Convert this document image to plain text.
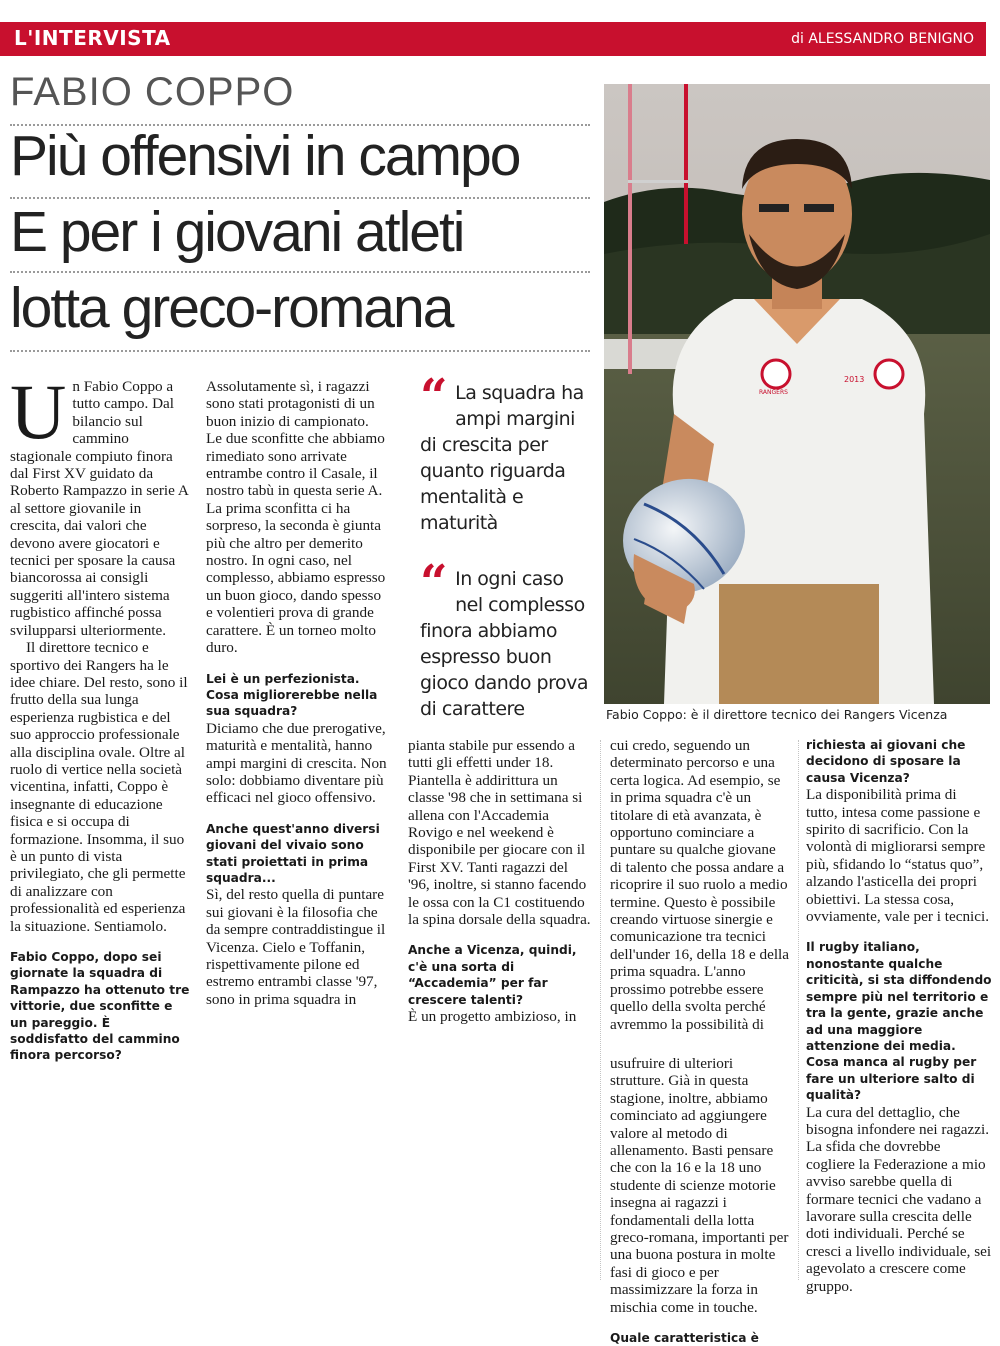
L'INTERVISTA	di ALESSANDRO BENIGNO
FABIO COPPO
Più offensivi in campo
E per i giovani atleti
lotta greco-romana

Un Fabio Coppo a tutto campo. Dal bilancio sul cammino stagionale compiuto finora dal First XV guidato da Roberto Rampazzo in serie A al settore giovanile in crescita, dai valori che devono avere giocatori e tecnici per sposare la causa biancorossa ai consigli suggeriti all'intero sistema rugbistico affinché possa svilupparsi ulteriormente.

Il direttore tecnico e sportivo dei Rangers ha le idee chiare. Del resto, sono il frutto della sua lunga esperienza rugbistica e del suo approccio professionale alla disciplina ovale. Oltre al ruolo di vertice nella società vicentina, infatti, Coppo è insegnante di educazione fisica e si occupa di formazione. Insomma, il suo è un punto di vista privilegiato, che gli permette di analizzare con professionalità ed esperienza la situazione. Sentiamolo.

Fabio Coppo, dopo sei giornate la squadra di Rampazzo ha ottenuto tre vittorie, due sconfitte e un pareggio. È soddisfatto del cammino finora percorso?

Assolutamente sì, i ragazzi sono stati protagonisti di un buon inizio di campionato. Le due sconfitte che abbiamo rimediato sono arrivate entrambe contro il Casale, il nostro tabù in questa serie A. La prima sconfitta ci ha sorpreso, la seconda è giunta più che altro per demerito nostro. In ogni caso, nel complesso, abbiamo espresso un buon gioco, dando spesso e volentieri prova di grande carattere. È un torneo molto duro.

Lei è un perfezionista. Cosa migliorerebbe nella sua squadra?

Diciamo che due prerogative, maturità e mentalità, hanno ampi margini di crescita. Non solo: dobbiamo diventare più efficaci nel gioco offensivo.

Anche quest'anno diversi giovani del vivaio sono stati proiettati in prima squadra...

Sì, del resto quella di puntare sui giovani è la filosofia che da sempre contraddistingue il Vicenza. Cielo e Toffanin, rispettivamente pilone ed estremo entrambi classe '97, sono in prima squadra in

“ La squadra ha ampi margini di crescita per quanto riguarda mentalità e maturità
“ In ogni caso nel complesso finora abbiamo espresso buon gioco dando prova di carattere

pianta stabile pur essendo a tutti gli effetti under 18. Piantella è addirittura un classe '98 che in settimana si allena con l'Accademia Rovigo e nel weekend è disponibile per giocare con il First XV. Tanti ragazzi del '96, inoltre, si stanno facendo le ossa con la C1 costituendo la spina dorsale della squadra.

Anche a Vicenza, quindi, c'è una sorta di “Accademia” per far crescere talenti?

È un progetto ambizioso, in

2013
RANGERS
Fabio Coppo: è il direttore tecnico dei Rangers Vicenza

cui credo, seguendo un determinato percorso e una certa logica. Ad esempio, se in prima squadra c'è un titolare di età avanzata, è opportuno cominciare a puntare su qualche giovane di talento che possa andare a ricoprire il suo ruolo a medio termine. Questo è possibile creando virtuose sinergie e comunicazione tra tecnici dell'under 16, della 18 e della prima squadra. L'anno prossimo potrebbe essere quello della svolta perché avremmo la possibilità di

usufruire di ulteriori strutture. Già in questa stagione, inoltre, abbiamo cominciato ad aggiungere valore al metodo di allenamento. Basti pensare che con la 16 e la 18 uno studente di scienze motorie insegna ai ragazzi i fondamentali della lotta greco-romana, importanti per una buona postura in molte fasi di gioco e per massimizzare la forza in mischia come in touche.

Quale caratteristica è

richiesta ai giovani che decidono di sposare la causa Vicenza?

La disponibilità prima di tutto, intesa come passione e spirito di sacrificio. Con la volontà di migliorarsi sempre più, sfidando lo “status quo”, alzando l'asticella dei propri obiettivi. La stessa cosa, ovviamente, vale per i tecnici.

Il rugby italiano, nonostante qualche criticità, si sta diffondendo sempre più nel territorio e tra la gente, grazie anche ad una maggiore attenzione dei media. Cosa manca al rugby per fare un ulteriore salto di qualità?

La cura del dettaglio, che bisogna infondere nei ragazzi. La sfida che dovrebbe cogliere la Federazione a mio avviso sarebbe quella di formare tecnici che vadano a lavorare sulla crescita delle doti individuali. Perché se cresci a livello individuale, sei agevolato a crescere come gruppo.
